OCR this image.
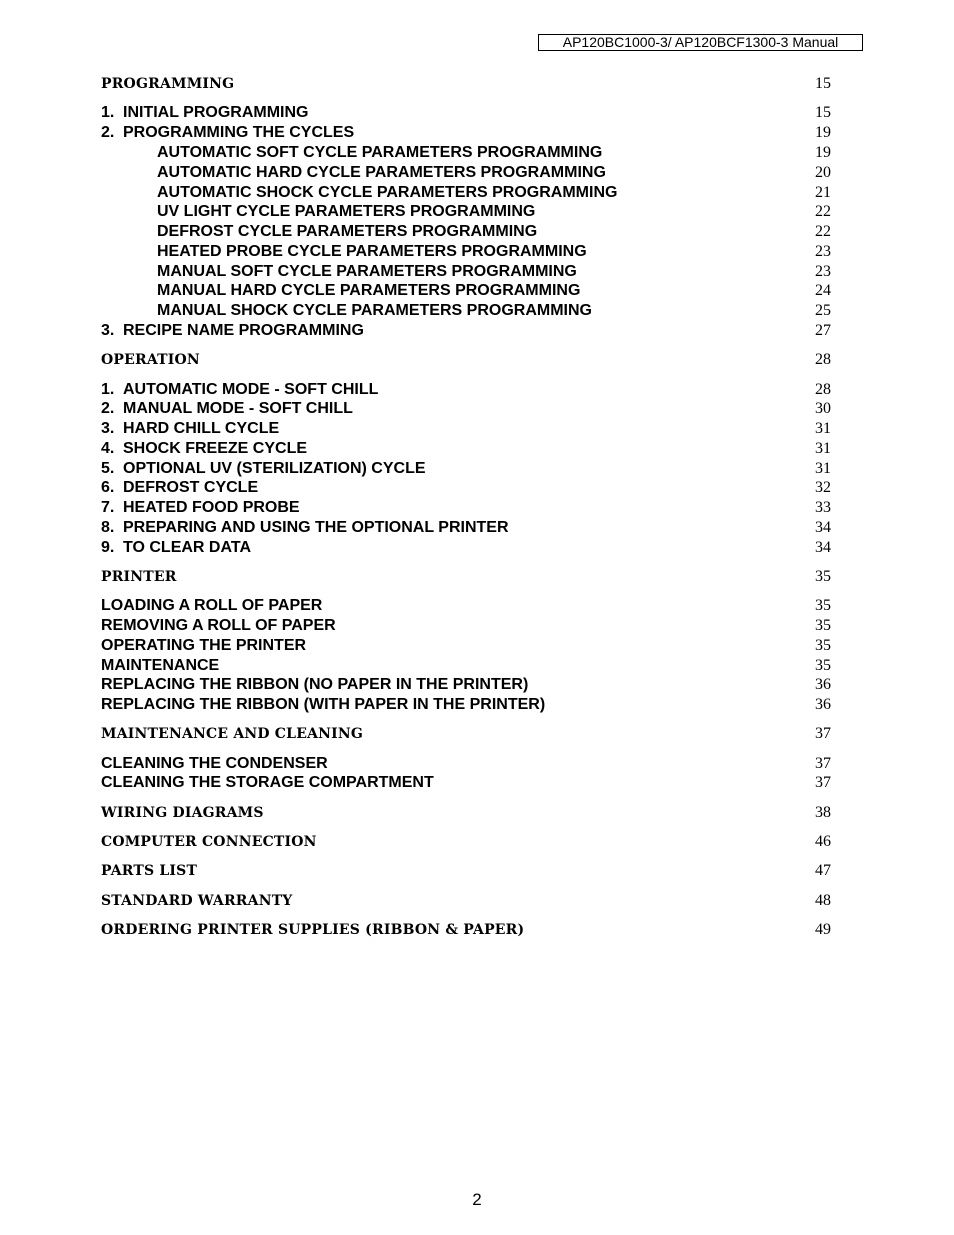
AP120BC1000-3/ AP120BCF1300-3 Manual
PROGRAMMING	15
1. INITIAL PROGRAMMING	15
2. PROGRAMMING THE CYCLES	19
AUTOMATIC SOFT CYCLE PARAMETERS PROGRAMMING	19
AUTOMATIC HARD CYCLE PARAMETERS PROGRAMMING	20
AUTOMATIC SHOCK CYCLE PARAMETERS PROGRAMMING	21
UV LIGHT CYCLE PARAMETERS PROGRAMMING	22
DEFROST CYCLE PARAMETERS PROGRAMMING	22
HEATED PROBE CYCLE PARAMETERS PROGRAMMING	23
MANUAL SOFT CYCLE PARAMETERS PROGRAMMING	23
MANUAL HARD CYCLE PARAMETERS PROGRAMMING	24
MANUAL SHOCK CYCLE PARAMETERS PROGRAMMING	25
3. RECIPE NAME PROGRAMMING	27
OPERATION	28
1. AUTOMATIC MODE - SOFT CHILL	28
2. MANUAL MODE - SOFT CHILL	30
3. HARD CHILL CYCLE	31
4. SHOCK FREEZE CYCLE	31
5. OPTIONAL UV (STERILIZATION) CYCLE	31
6. DEFROST CYCLE	32
7. HEATED FOOD PROBE	33
8. PREPARING AND USING THE OPTIONAL PRINTER	34
9. TO CLEAR DATA	34
PRINTER	35
LOADING A ROLL OF PAPER	35
REMOVING A ROLL OF PAPER	35
OPERATING THE PRINTER	35
MAINTENANCE	35
REPLACING THE RIBBON (NO PAPER IN THE PRINTER)	36
REPLACING THE RIBBON (WITH PAPER IN THE PRINTER)	36
MAINTENANCE AND CLEANING	37
CLEANING THE CONDENSER	37
CLEANING THE STORAGE COMPARTMENT	37
WIRING DIAGRAMS	38
COMPUTER CONNECTION	46
PARTS LIST	47
STANDARD WARRANTY	48
ORDERING PRINTER SUPPLIES (RIBBON & PAPER)	49
2
